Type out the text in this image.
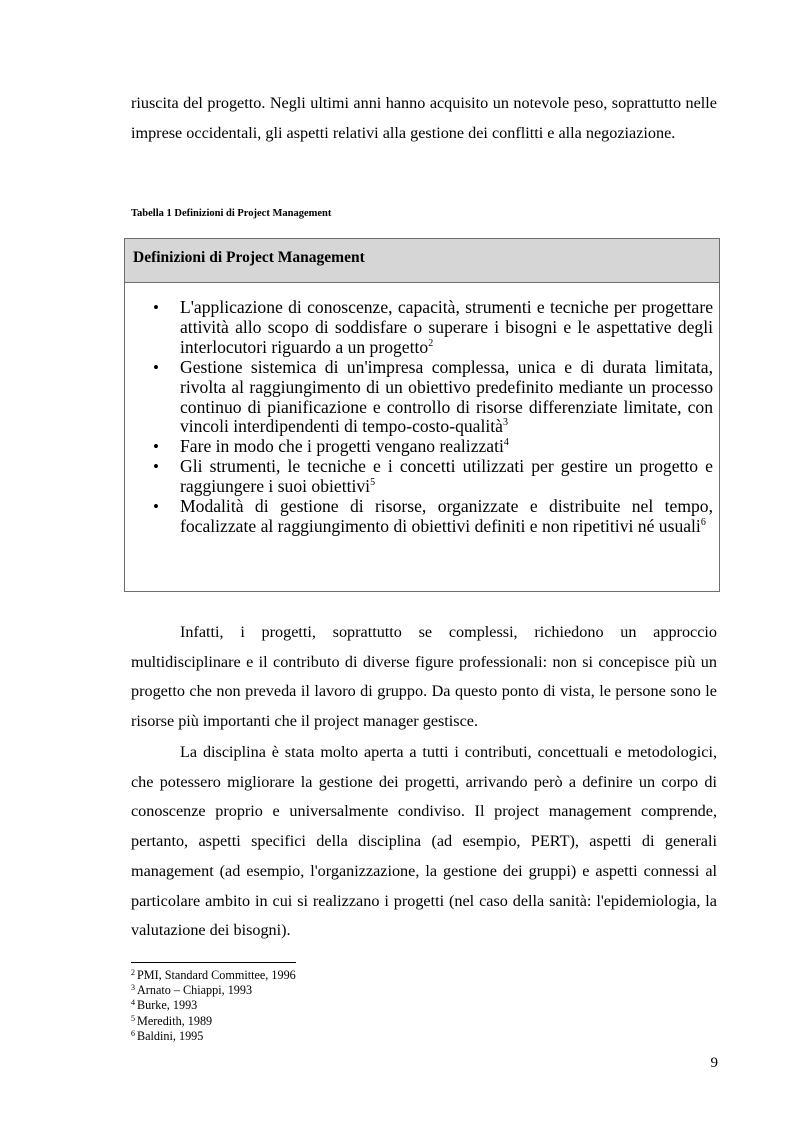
riuscita del progetto. Negli ultimi anni hanno acquisito un notevole peso, soprattutto nelle imprese occidentali, gli aspetti relativi alla gestione dei conflitti e alla negoziazione.

Tabella 1 Definizioni di Project Management

Definizioni di Project Management
• L'applicazione di conoscenze, capacità, strumenti e tecniche per progettare attività allo scopo di soddisfare o superare i bisogni e le aspettative degli interlocutori riguardo a un progetto$^2$
• Gestione sistemica di un'impresa complessa, unica e di durata limitata, rivolta al raggiungimento di un obiettivo predefinito mediante un processo continuo di pianificazione e controllo di risorse differenziate limitate, con vincoli interdipendenti di tempo-costo-qualità$^3$
• Fare in modo che i progetti vengano realizzati$^4$
• Gli strumenti, le tecniche e i concetti utilizzati per gestire un progetto e raggiungere i suoi obiettivi$^5$
• Modalità di gestione di risorse, organizzate e distribuite nel tempo, focalizzate al raggiungimento di obiettivi definiti e non ripetitivi né usuali$^6$

Infatti, i progetti, soprattutto se complessi, richiedono un approccio multidisciplinare e il contributo di diverse figure professionali: non si concepisce più un progetto che non preveda il lavoro di gruppo. Da questo ponto di vista, le persone sono le risorse più importanti che il project manager gestisce.

La disciplina è stata molto aperta a tutti i contributi, concettuali e metodologici, che potessero migliorare la gestione dei progetti, arrivando però a definire un corpo di conoscenze proprio e universalmente condiviso. Il project management comprende, pertanto, aspetti specifici della disciplina (ad esempio, PERT), aspetti di generali management (ad esempio, l'organizzazione, la gestione dei gruppi) e aspetti connessi al particolare ambito in cui si realizzano i progetti (nel caso della sanità: l'epidemiologia, la valutazione dei bisogni).

$^2$ PMI, Standard Committee, 1996
$^3$ Arnato – Chiappi, 1993
$^4$ Burke, 1993
$^5$ Meredith, 1989
$^6$ Baldini, 1995
9
